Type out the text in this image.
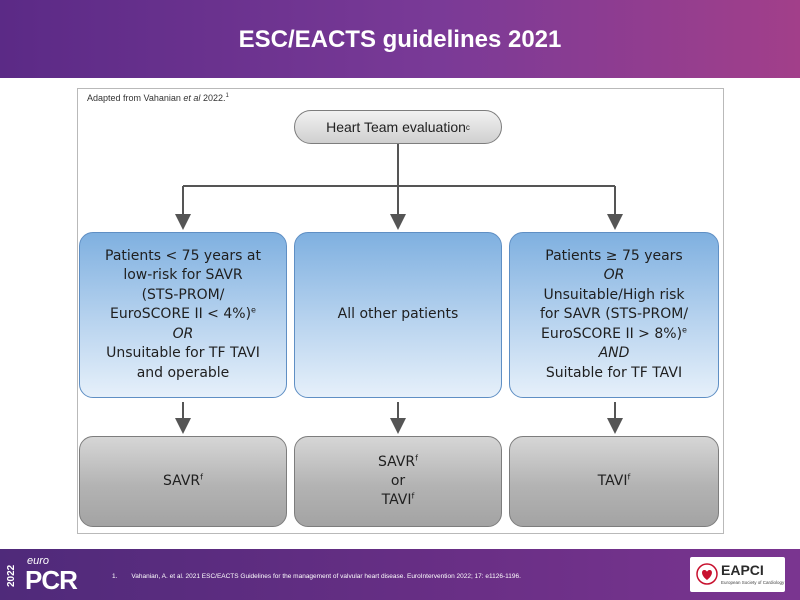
ESC/EACTS guidelines 2021
Adapted from Vahanian et al 2022.$^1$
Heart Team evaluation c
Patients < 75 years at
low-risk for SAVR
(STS-PROM/
EuroSCORE II < 4%)$^e$
OR
Unsuitable for TF TAVI
and operable
All other patients
Patients ≥ 75 years
OR
Unsuitable/High risk
for SAVR (STS-PROM/
EuroSCORE II > 8%)$^e$
AND
Suitable for TF TAVI
SAVR$^f$
SAVR$^f$
or
TAVI$^f$
TAVI$^f$
2022
euro
PCR	1. Vahanian, A. et al. 2021 ESC/EACTS Guidelines for the management of valvular heart disease. EuroIntervention 2022; 17: e1126-1196.	EAPCI
European Society of Cardiology
